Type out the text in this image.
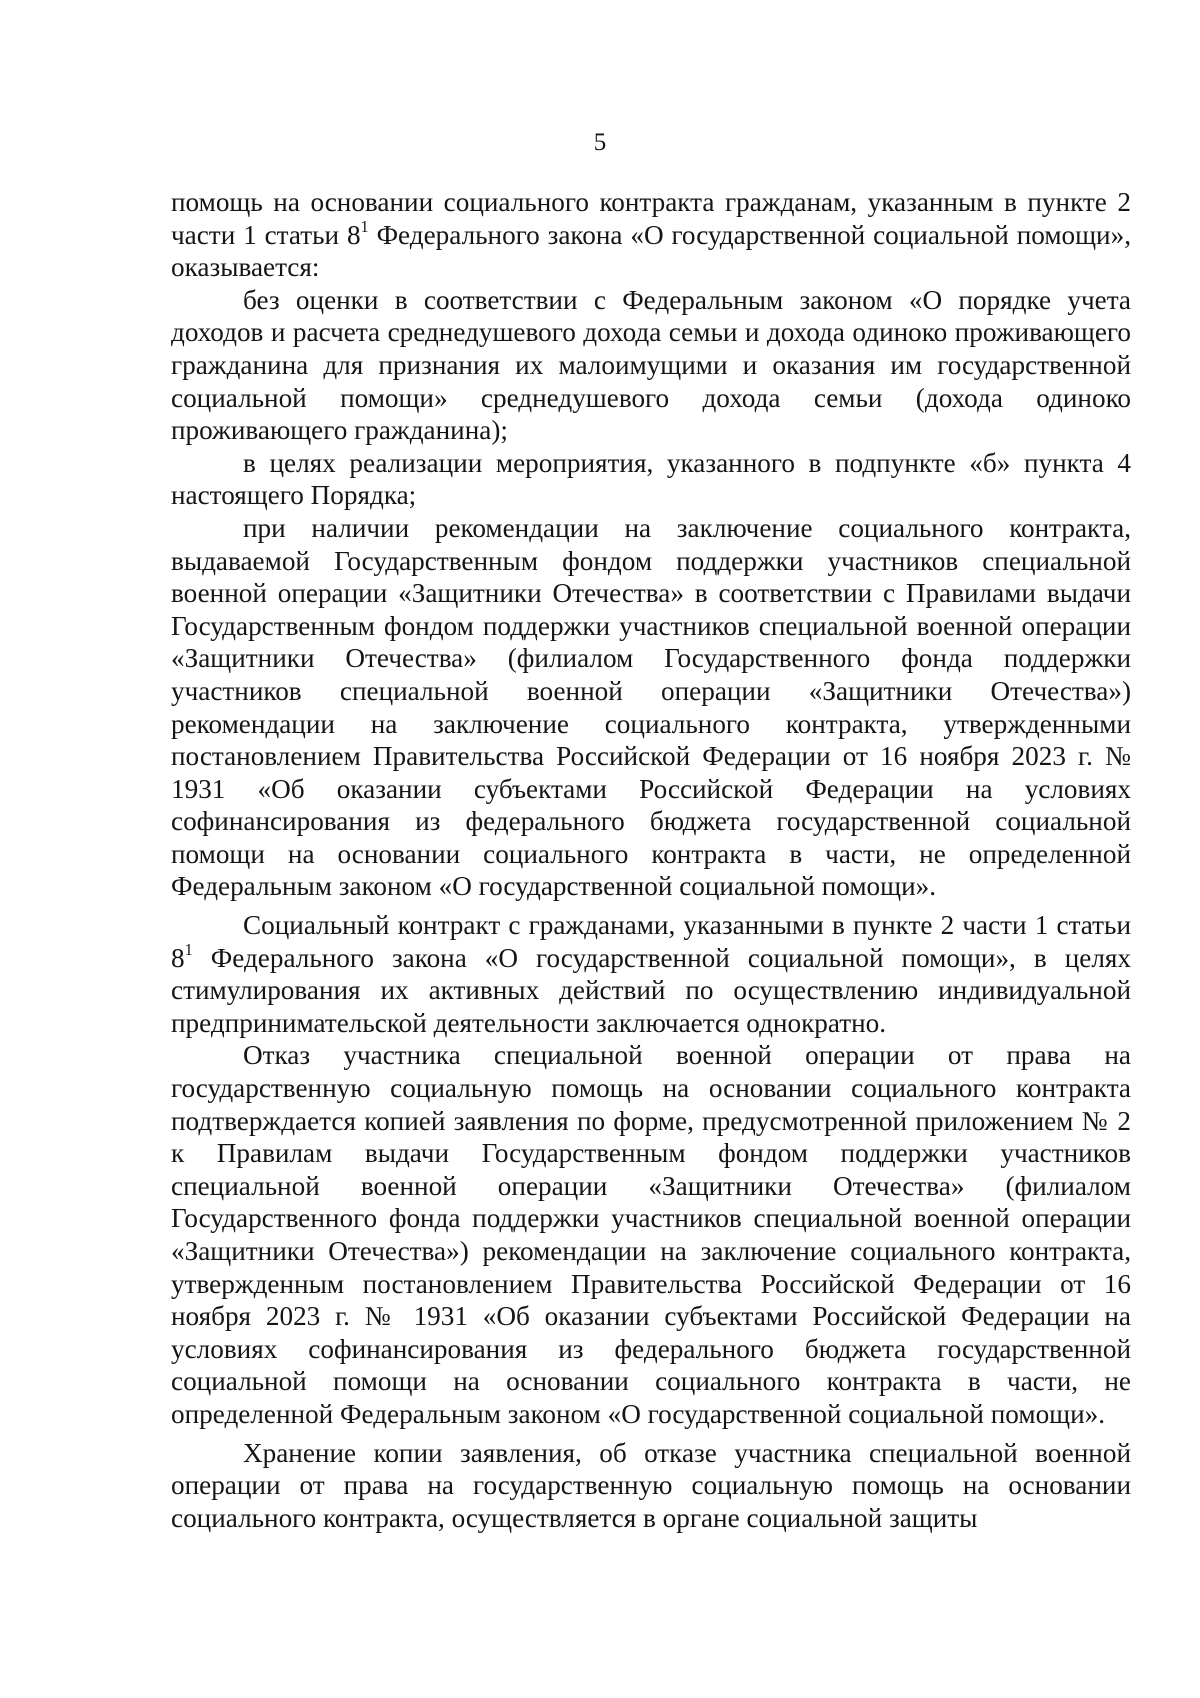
5

помощь на основании социального контракта гражданам, указанным в пункте 2 части 1 статьи $8^1$ Федерального закона «О государственной социальной помощи», оказывается:

без оценки в соответствии с Федеральным законом «О порядке учета доходов и расчета среднедушевого дохода семьи и дохода одиноко проживающего гражданина для признания их малоимущими и оказания им государственной социальной помощи» среднедушевого дохода семьи (дохода одиноко проживающего гражданина);

в целях реализации мероприятия, указанного в подпункте «б» пункта 4 настоящего Порядка;

при наличии рекомендации на заключение социального контракта, выдаваемой Государственным фондом поддержки участников специальной военной операции «Защитники Отечества» в соответствии с Правилами выдачи Государственным фондом поддержки участников специальной военной операции «Защитники Отечества» (филиалом Государственного фонда поддержки участников специальной военной операции «Защитники Отечества») рекомендации на заключение социального контракта, утвержденными постановлением Правительства Российской Федерации от 16 ноября 2023 г. № 1931 «Об оказании субъектами Российской Федерации на условиях софинансирования из федерального бюджета государственной социальной помощи на основании социального контракта в части, не определенной Федеральным законом «О государственной социальной помощи».

Социальный контракт с гражданами, указанными в пункте 2 части 1 статьи $8^1$ Федерального закона «О государственной социальной помощи», в целях стимулирования их активных действий по осуществлению индивидуальной предпринимательской деятельности заключается однократно.

Отказ участника специальной военной операции от права на государственную социальную помощь на основании социального контракта подтверждается копией заявления по форме, предусмотренной приложением № 2 к Правилам выдачи Государственным фондом поддержки участников специальной военной операции «Защитники Отечества» (филиалом Государственного фонда поддержки участников специальной военной операции «Защитники Отечества») рекомендации на заключение социального контракта, утвержденным постановлением Правительства Российской Федерации от 16 ноября 2023 г. № 1931 «Об оказании субъектами Российской Федерации на условиях софинансирования из федерального бюджета государственной социальной помощи на основании социального контракта в части, не определенной Федеральным законом «О государственной социальной помощи».

Хранение копии заявления, об отказе участника специальной военной операции от права на государственную социальную помощь на основании социального контракта, осуществляется в органе социальной защиты
